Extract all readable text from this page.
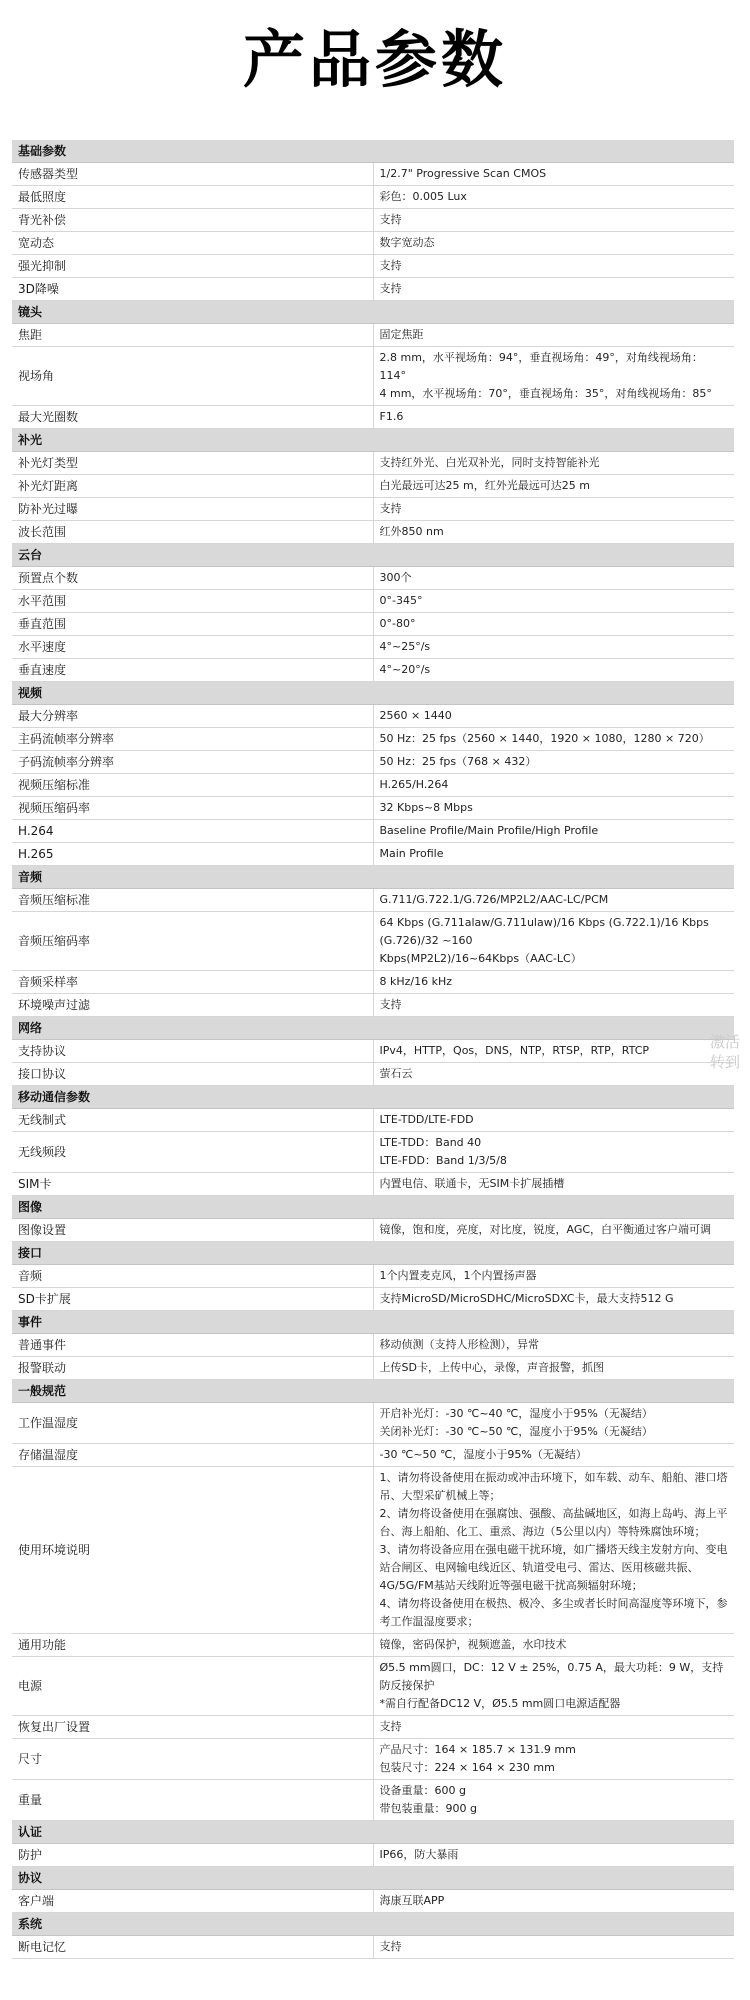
产品参数
基础参数	
传感器类型	1/2.7" Progressive Scan CMOS
最低照度	彩色：0.005 Lux
背光补偿	支持
宽动态	数字宽动态
强光抑制	支持
3D降噪	支持
镜头	
焦距	固定焦距
视场角	2.8 mm，水平视场角：94°，垂直视场角：49°，对角线视场角：114°
4 mm，水平视场角：70°，垂直视场角：35°，对角线视场角：85°
最大光圈数	F1.6
补光	
补光灯类型	支持红外光、白光双补光，同时支持智能补光
补光灯距离	白光最远可达25 m，红外光最远可达25 m
防补光过曝	支持
波长范围	红外850 nm
云台	
预置点个数	300个
水平范围	0°-345°
垂直范围	0°-80°
水平速度	4°~25°/s
垂直速度	4°~20°/s
视频	
最大分辨率	2560 × 1440
主码流帧率分辨率	50 Hz：25 fps（2560 × 1440，1920 × 1080，1280 × 720）
子码流帧率分辨率	50 Hz：25 fps（768 × 432）
视频压缩标准	H.265/H.264
视频压缩码率	32 Kbps~8 Mbps
H.264	Baseline Profile/Main Profile/High Profile
H.265	Main Profile
音频	
音频压缩标准	G.711/G.722.1/G.726/MP2L2/AAC-LC/PCM
音频压缩码率	64 Kbps (G.711alaw/G.711ulaw)/16 Kbps (G.722.1)/16 Kbps (G.726)/32 ~160
Kbps(MP2L2)/16~64Kbps（AAC-LC）
音频采样率	8 kHz/16 kHz
环境噪声过滤	支持
网络	
支持协议	IPv4，HTTP，Qos，DNS，NTP，RTSP，RTP，RTCP
接口协议	萤石云
移动通信参数	
无线制式	LTE-TDD/LTE-FDD
无线频段	LTE-TDD：Band 40
LTE-FDD：Band 1/3/5/8
SIM卡	内置电信、联通卡，无SIM卡扩展插槽
图像	
图像设置	镜像，饱和度，亮度，对比度，锐度，AGC，白平衡通过客户端可调
接口	
音频	1个内置麦克风，1个内置扬声器
SD卡扩展	支持MicroSD/MicroSDHC/MicroSDXC卡，最大支持512 G
事件	
普通事件	移动侦测（支持人形检测），异常
报警联动	上传SD卡，上传中心，录像，声音报警，抓图
一般规范	
工作温湿度	开启补光灯：-30 ℃~40 ℃，湿度小于95%（无凝结）
关闭补光灯：-30 ℃~50 ℃，湿度小于95%（无凝结）
存储温湿度	-30 ℃~50 ℃，湿度小于95%（无凝结）
使用环境说明	1、请勿将设备使用在振动或冲击环境下，如车载、动车、船舶、港口塔吊、大型采矿机械上等；
2、请勿将设备使用在强腐蚀、强酸、高盐碱地区，如海上岛屿、海上平台、海上船舶、化工、重烝、海边（5公里以内）等特殊腐蚀环境；
3、请勿将设备应用在强电磁干扰环境，如广播塔天线主发射方向、变电站合闸区、电网输电线近区、轨道受电弓、雷达、医用核磁共振、4G/5G/FM基站天线附近等强电磁干扰高频辐射环境；
4、请勿将设备使用在极热、极冷、多尘或者长时间高湿度等环境下，参考工作温湿度要求；
通用功能	镜像，密码保护，视频遮盖，水印技术
电源	Ø5.5 mm圆口，DC：12 V ± 25%，0.75 A，最大功耗：9 W，支持防反接保护
*需自行配备DC12 V，Ø5.5 mm圆口电源适配器
恢复出厂设置	支持
尺寸	产品尺寸：164 × 185.7 × 131.9 mm
包装尺寸：224 × 164 × 230 mm
重量	设备重量：600 g
带包装重量：900 g
认证	
防护	IP66，防大暴雨
协议	
客户端	海康互联APP
系统	
断电记忆	支持
激活
转到
